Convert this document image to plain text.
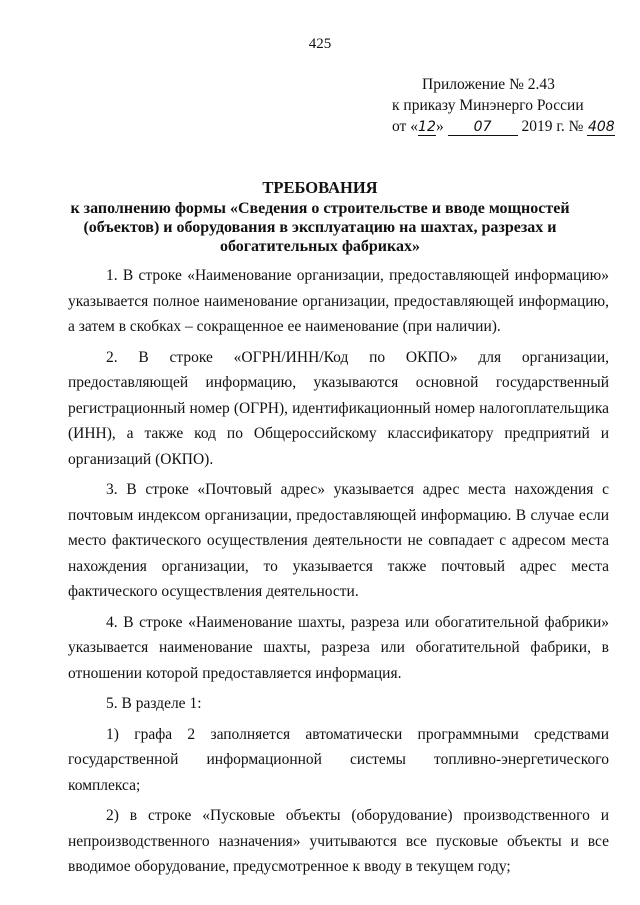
425
Приложение № 2.43
к приказу Минэнерго России
от «12» 07 2019 г. № 408
ТРЕБОВАНИЯ
к заполнению формы «Сведения о строительстве и вводе мощностей (объектов) и оборудования в эксплуатацию на шахтах, разрезах и обогатительных фабриках»

1. В строке «Наименование организации, предоставляющей информацию» указывается полное наименование организации, предоставляющей информацию, а затем в скобках – сокращенное ее наименование (при наличии).

2. В строке «ОГРН/ИНН/Код по ОКПО» для организации, предоставляющей информацию, указываются основной государственный регистрационный номер (ОГРН), идентификационный номер налогоплательщика (ИНН), а также код по Общероссийскому классификатору предприятий и организаций (ОКПО).

3. В строке «Почтовый адрес» указывается адрес места нахождения с почтовым индексом организации, предоставляющей информацию. В случае если место фактического осуществления деятельности не совпадает с адресом места нахождения организации, то указывается также почтовый адрес места фактического осуществления деятельности.

4. В строке «Наименование шахты, разреза или обогатительной фабрики» указывается наименование шахты, разреза или обогатительной фабрики, в отношении которой предоставляется информация.

5. В разделе 1:

1) графа 2 заполняется автоматически программными средствами государственной информационной системы топливно-энергетического комплекса;

2) в строке «Пусковые объекты (оборудование) производственного и непроизводственного назначения» учитываются все пусковые объекты и все вводимое оборудование, предусмотренное к вводу в текущем году;
